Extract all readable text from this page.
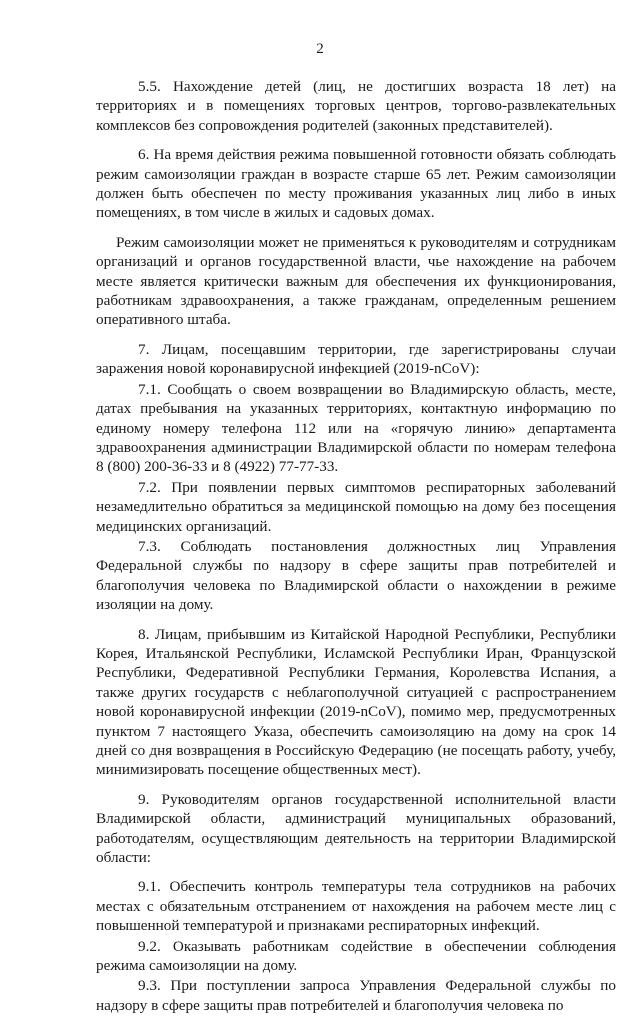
2

5.5. Нахождение детей (лиц, не достигших возраста 18 лет) на территориях и в помещениях торговых центров, торгово-развлекательных комплексов без сопровождения родителей (законных представителей).

6. На время действия режима повышенной готовности обязать соблюдать режим самоизоляции граждан в возрасте старше 65 лет. Режим самоизоляции должен быть обеспечен по месту проживания указанных лиц либо в иных помещениях, в том числе в жилых и садовых домах.

Режим самоизоляции может не применяться к руководителям и сотрудникам организаций и органов государственной власти, чье нахождение на рабочем месте является критически важным для обеспечения их функционирования, работникам здравоохранения, а также гражданам, определенным решением оперативного штаба.

7. Лицам, посещавшим территории, где зарегистрированы случаи заражения новой коронавирусной инфекцией (2019-nCoV):

7.1. Сообщать о своем возвращении во Владимирскую область, месте, датах пребывания на указанных территориях, контактную информацию по единому номеру телефона 112 или на «горячую линию» департамента здравоохранения администрации Владимирской области по номерам телефона 8 (800) 200-36-33 и 8 (4922) 77-77-33.

7.2. При появлении первых симптомов респираторных заболеваний незамедлительно обратиться за медицинской помощью на дому без посещения медицинских организаций.

7.3. Соблюдать постановления должностных лиц Управления Федеральной службы по надзору в сфере защиты прав потребителей и благополучия человека по Владимирской области о нахождении в режиме изоляции на дому.

8. Лицам, прибывшим из Китайской Народной Республики, Республики Корея, Итальянской Республики, Исламской Республики Иран, Французской Республики, Федеративной Республики Германия, Королевства Испания, а также других государств с неблагополучной ситуацией с распространением новой коронавирусной инфекции (2019-nCoV), помимо мер, предусмотренных пунктом 7 настоящего Указа, обеспечить самоизоляцию на дому на срок 14 дней со дня возвращения в Российскую Федерацию (не посещать работу, учебу, минимизировать посещение общественных мест).

9. Руководителям органов государственной исполнительной власти Владимирской области, администраций муниципальных образований, работодателям, осуществляющим деятельность на территории Владимирской области:

9.1. Обеспечить контроль температуры тела сотрудников на рабочих местах с обязательным отстранением от нахождения на рабочем месте лиц с повышенной температурой и признаками респираторных инфекций.

9.2. Оказывать работникам содействие в обеспечении соблюдения режима самоизоляции на дому.

9.3. При поступлении запроса Управления Федеральной службы по надзору в сфере защиты прав потребителей и благополучия человека по
